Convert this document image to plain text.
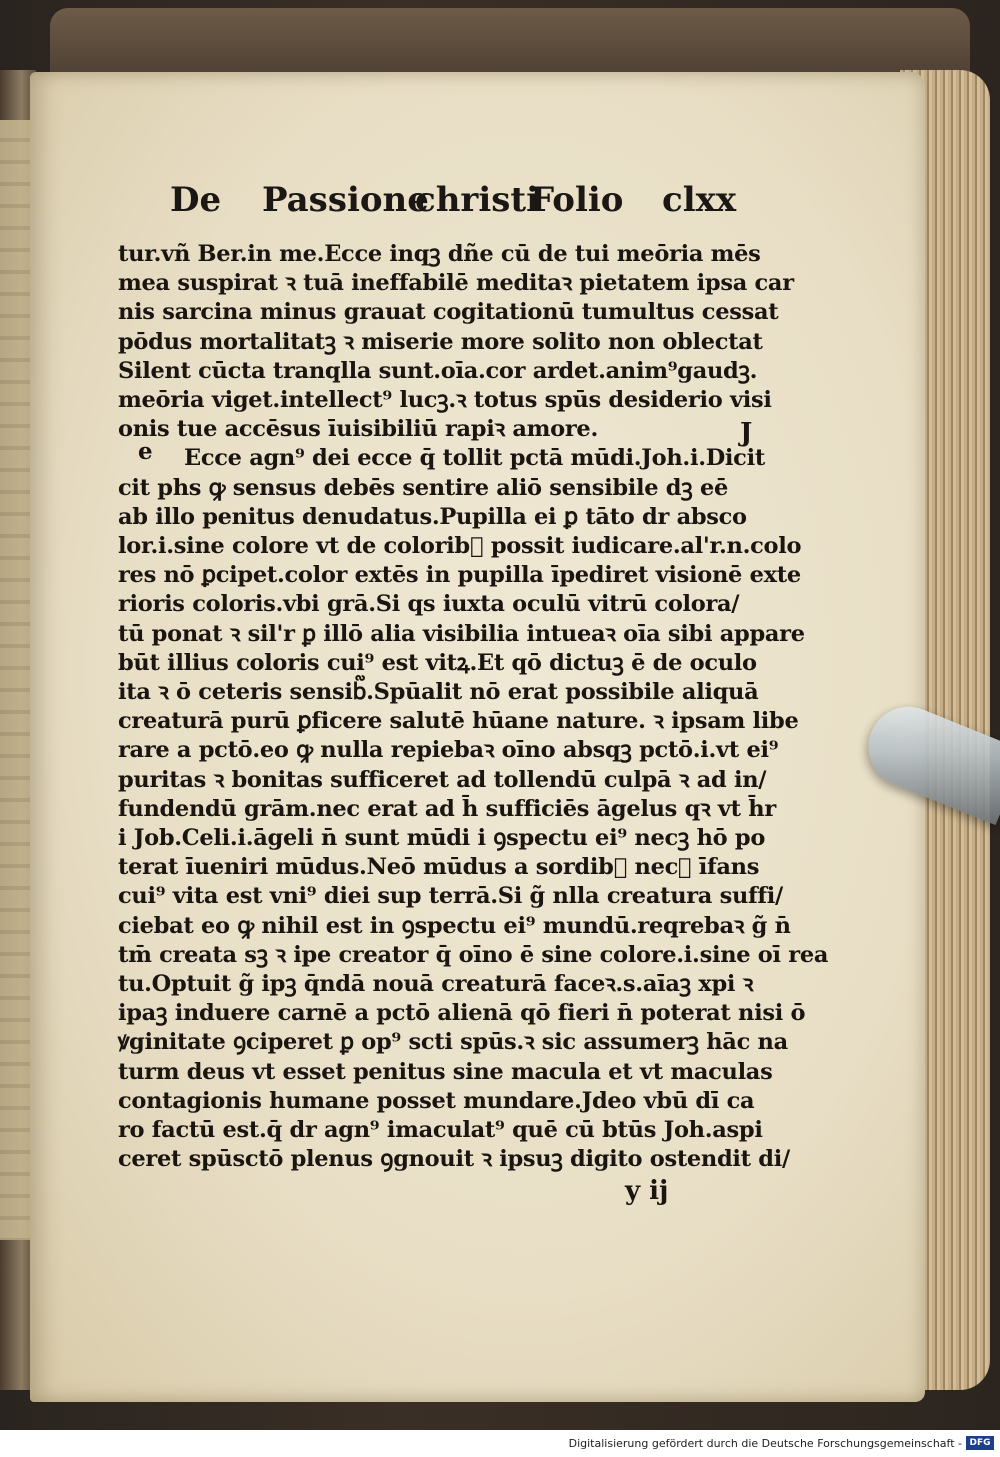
De Passione
christi
Folio clxx
tur.vñ Ber.in me.Ecce inqꝫ dñe cū de tui meōria mēs
mea suspirat ꝛ tuā ineffabilē meditaꝛ pietatem ipsa car
nis sarcina minus grauat cogitationū tumultus cessat
pōdus mortalitatꝫ ꝛ miserie more solito non oblectat
Silent cūcta tranqlla sunt.oīa.cor ardet.anim⁹gaudꝫ.
meōria viget.intellect⁹ lucꝫ.ꝛ totus spūs desiderio visi
onis tue accēsus īuisibiliū rapiꝛ amore.
Ecce agn⁹ dei ecce q̄ tollit pctā mūdi.Joh.i.Dicit
cit phs ꝙ sensus debēs sentire aliō sensibile dꝫ eē
ab illo penitus denudatus.Pupilla ei ꝑ tāto dr absco
lor.i.sine colore vt de colorib᷑ possit iudicare.al'r.n.colo
res nō ꝑcipet.color extēs in pupilla īpediret visionē exte
rioris coloris.vbi grā.Si qs iuxta oculū vitrū colora/
tū ponat ꝛ sil'r ꝑ illō alia visibilia intueaꝛ oīa sibi appare
būt illius coloris cui⁹ est vitꝝ.Et qō dictuꝫ ē de oculo
ita ꝛ ō ceteris sensib᷑.Spūalit nō erat possibile aliquā
creaturā purū ꝑficere salutē hūane nature. ꝛ ipsam libe
rare a pctō.eo ꝙ nulla repiebaꝛ oīno absqꝫ pctō.i.vt ei⁹
puritas ꝛ bonitas sufficeret ad tollendū culpā ꝛ ad in/
fundendū grām.nec erat ad h̄ sufficiēs āgelus qꝛ vt h̄r
i Job.Celi.i.āgeli n̄ sunt mūdi i ꝯspectu ei⁹ necꝫ hō po
terat īueniri mūdus.Neō mūdus a sordib᷑ necꝫ īfans
cui⁹ vita est vni⁹ diei sup terrā.Si g̃ nlla creatura suffi/
ciebat eo ꝙ nihil est in ꝯspectu ei⁹ mundū.reqrebaꝛ g̃ n̄
tm̄ creata sꝫ ꝛ ipe creator q̄ oīno ē sine colore.i.sine oī rea
tu.Optuit g̃ ipꝫ q̄ndā nouā creaturā faceꝛ.s.aīaꝫ xpi ꝛ
ipaꝫ induere carnē a pctō alienā qō fieri n̄ poterat nisi ō
ꝟginitate ꝯciperet ꝑ op⁹ scti spūs.ꝛ sic assumerꝫ hāc na
turm deus vt esset penitus sine macula et vt maculas
contagionis humane posset mundare.Jdeo vbū dī ca
ro factū est.q̄ dr agn⁹ imaculat⁹ quē cū btūs Joh.aspi
ceret spūsctō plenus ꝯgnouit ꝛ ipsuꝫ digito ostendit di/
e
J
y ij
Digitalisierung gefördert durch die Deutsche Forschungsgemeinschaft - DFG
